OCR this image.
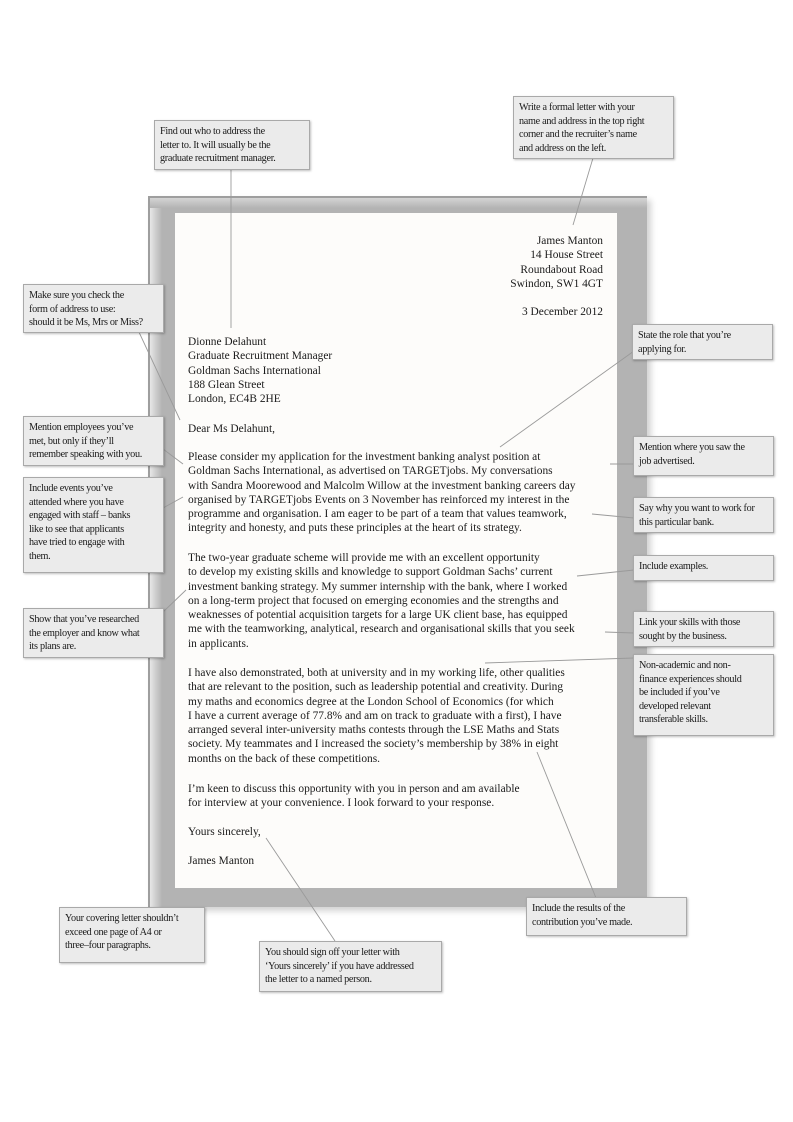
James Manton
14 House Street
Roundabout Road
Swindon, SW1 4GT
3 December 2012
Dionne Delahunt
Graduate Recruitment Manager
Goldman Sachs International
188 Glean Street
London, EC4B 2HE
Dear Ms Delahunt,
Please consider my application for the investment banking analyst position at
Goldman Sachs International, as advertised on TARGETjobs. My conversations
with Sandra Moorewood and Malcolm Willow at the investment banking careers day
organised by TARGETjobs Events on 3 November has reinforced my interest in the
programme and organisation. I am eager to be part of a team that values teamwork,
integrity and honesty, and puts these principles at the heart of its strategy.
The two-year graduate scheme will provide me with an excellent opportunity
to develop my existing skills and knowledge to support Goldman Sachs’ current
investment banking strategy. My summer internship with the bank, where I worked
on a long-term project that focused on emerging economies and the strengths and
weaknesses of potential acquisition targets for a large UK client base, has equipped
me with the teamworking, analytical, research and organisational skills that you seek
in applicants.
I have also demonstrated, both at university and in my working life, other qualities
that are relevant to the position, such as leadership potential and creativity. During
my maths and economics degree at the London School of Economics (for which
I have a current average of 77.8% and am on track to graduate with a first), I have
arranged several inter-university maths contests through the LSE Maths and Stats
society. My teammates and I increased the society’s membership by 38% in eight
months on the back of these competitions.
I’m keen to discuss this opportunity with you in person and am available
for interview at your convenience. I look forward to your response.
Yours sincerely,
James Manton
Find out who to address the
letter to. It will usually be the
graduate recruitment manager.
Write a formal letter with your
name and address in the top right
corner and the recruiter’s name
and address on the left.
Make sure you check the
form of address to use:
should it be Ms, Mrs or Miss?
Mention employees you’ve
met, but only if they’ll
remember speaking with you.
Include events you’ve
attended where you have
engaged with staff – banks
like to see that applicants
have tried to engage with
them.
Show that you’ve researched
the employer and know what
its plans are.
State the role that you’re
applying for.
Mention where you saw the
job advertised.
Say why you want to work for
this particular bank.
Include examples.
Link your skills with those
sought by the business.
Non-academic and non-
finance experiences should
be included if you’ve
developed relevant
transferable skills.
Your covering letter shouldn’t
exceed one page of A4 or
three–four paragraphs.
You should sign off your letter with
‘Yours sincerely’ if you have addressed
the letter to a named person.
Include the results of the
contribution you’ve made.
